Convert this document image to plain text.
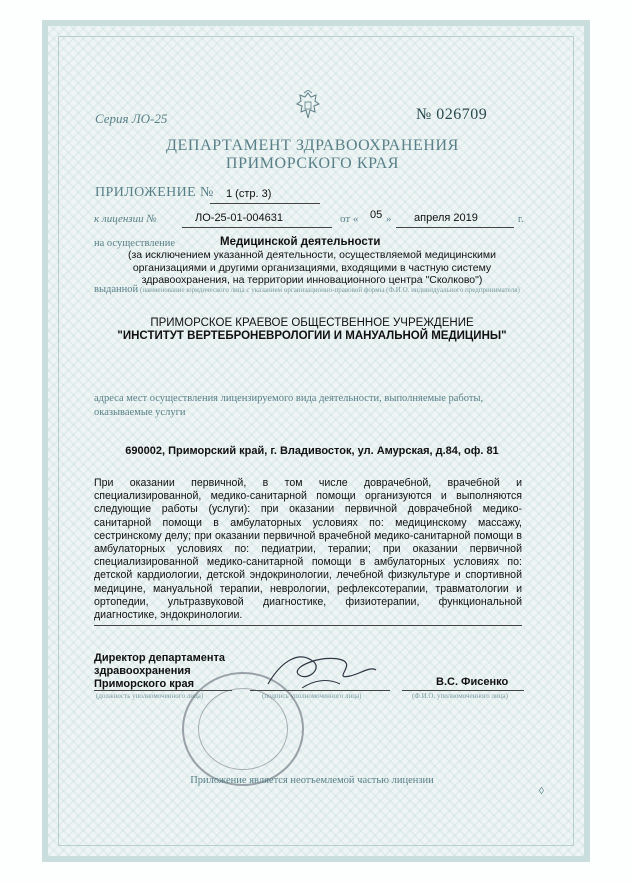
Серия ЛО-25	№ 026709
ДЕПАРТАМЕНТ ЗДРАВООХРАНЕНИЯ
ПРИМОРСКОГО КРАЯ
ПРИЛОЖЕНИЕ № 1 (стр. 3)
к лицензии №	ЛО-25-01-004631	от « 05 » апреля 2019	г.
на осуществление	Медицинской деятельности
(за исключением указанной деятельности, осуществляемой медицинскими организациями и другими организациями, входящими в частную систему здравоохранения, на территории инновационного центра "Сколково")
выданной (наименование юридического лица с указанием организационно-правовой формы (Ф.И.О. индивидуального предпринимателя)
ПРИМОРСКОЕ КРАЕВОЕ ОБЩЕСТВЕННОЕ УЧРЕЖДЕНИЕ
"ИНСТИТУТ ВЕРТЕБРОНЕВРОЛОГИИ И МАНУАЛЬНОЙ МЕДИЦИНЫ"
адреса мест осуществления лицензируемого вида деятельности, выполняемые работы,
оказываемые услуги
690002, Приморский край, г. Владивосток, ул. Амурская, д.84, оф. 81
При оказании первичной, в том числе доврачебной, врачебной и специализированной, медико-санитарной помощи организуются и выполняются следующие работы (услуги): при оказании первичной доврачебной медико-санитарной помощи в амбулаторных условиях по: медицинскому массажу, сестринскому делу; при оказании первичной врачебной медико-санитарной помощи в амбулаторных условиях по: педиатрии, терапии; при оказании первичной специализированной медико-санитарной помощи в амбулаторных условиях по: детской кардиологии, детской эндокринологии, лечебной физкультуре и спортивной медицине, мануальной терапии, неврологии, рефлексотерапии, травматологии и ортопедии, ультразвуковой диагностике, физиотерапии, функциональной диагностике, эндокринологии.
Директор департамента
здравоохранения
Приморского края
(должность уполномоченного лица)	(подпись уполномоченного лица)
В.С. Фисенко
(Ф.И.О. уполномоченного лица)
Приложение является неотъемлемой частью лицензии
◊
